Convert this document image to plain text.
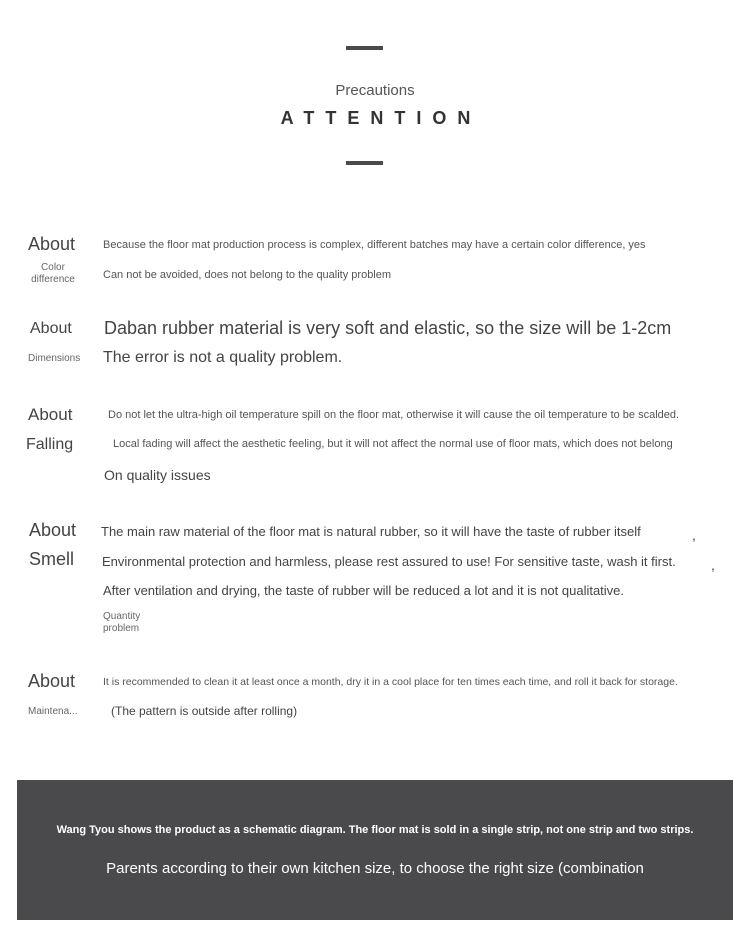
Precautions
ATTENTION
About
Color difference
Because the floor mat production process is complex, different batches may have a certain color difference, yes
Can not be avoided, does not belong to the quality problem
About
Dimensions
Daban rubber material is very soft and elastic, so the size will be 1-2cm
The error is not a quality problem.
About
Falling
Do not let the ultra-high oil temperature spill on the floor mat, otherwise it will cause the oil temperature to be scalded.
Local fading will affect the aesthetic feeling, but it will not affect the normal use of floor mats, which does not belong
On quality issues
About
Smell
The main raw material of the floor mat is natural rubber, so it will have the taste of rubber itself
Environmental protection and harmless, please rest assured to use! For sensitive taste, wash it first.
After ventilation and drying, the taste of rubber will be reduced a lot and it is not qualitative.
Quantity problem
,
,
About
Maintena...
It is recommended to clean it at least once a month, dry it in a cool place for ten times each time, and roll it back for storage.
(The pattern is outside after rolling)
Wang Tyou shows the product as a schematic diagram. The floor mat is sold in a single strip, not one strip and two strips.
Parents according to their own kitchen size, to choose the right size (combination
